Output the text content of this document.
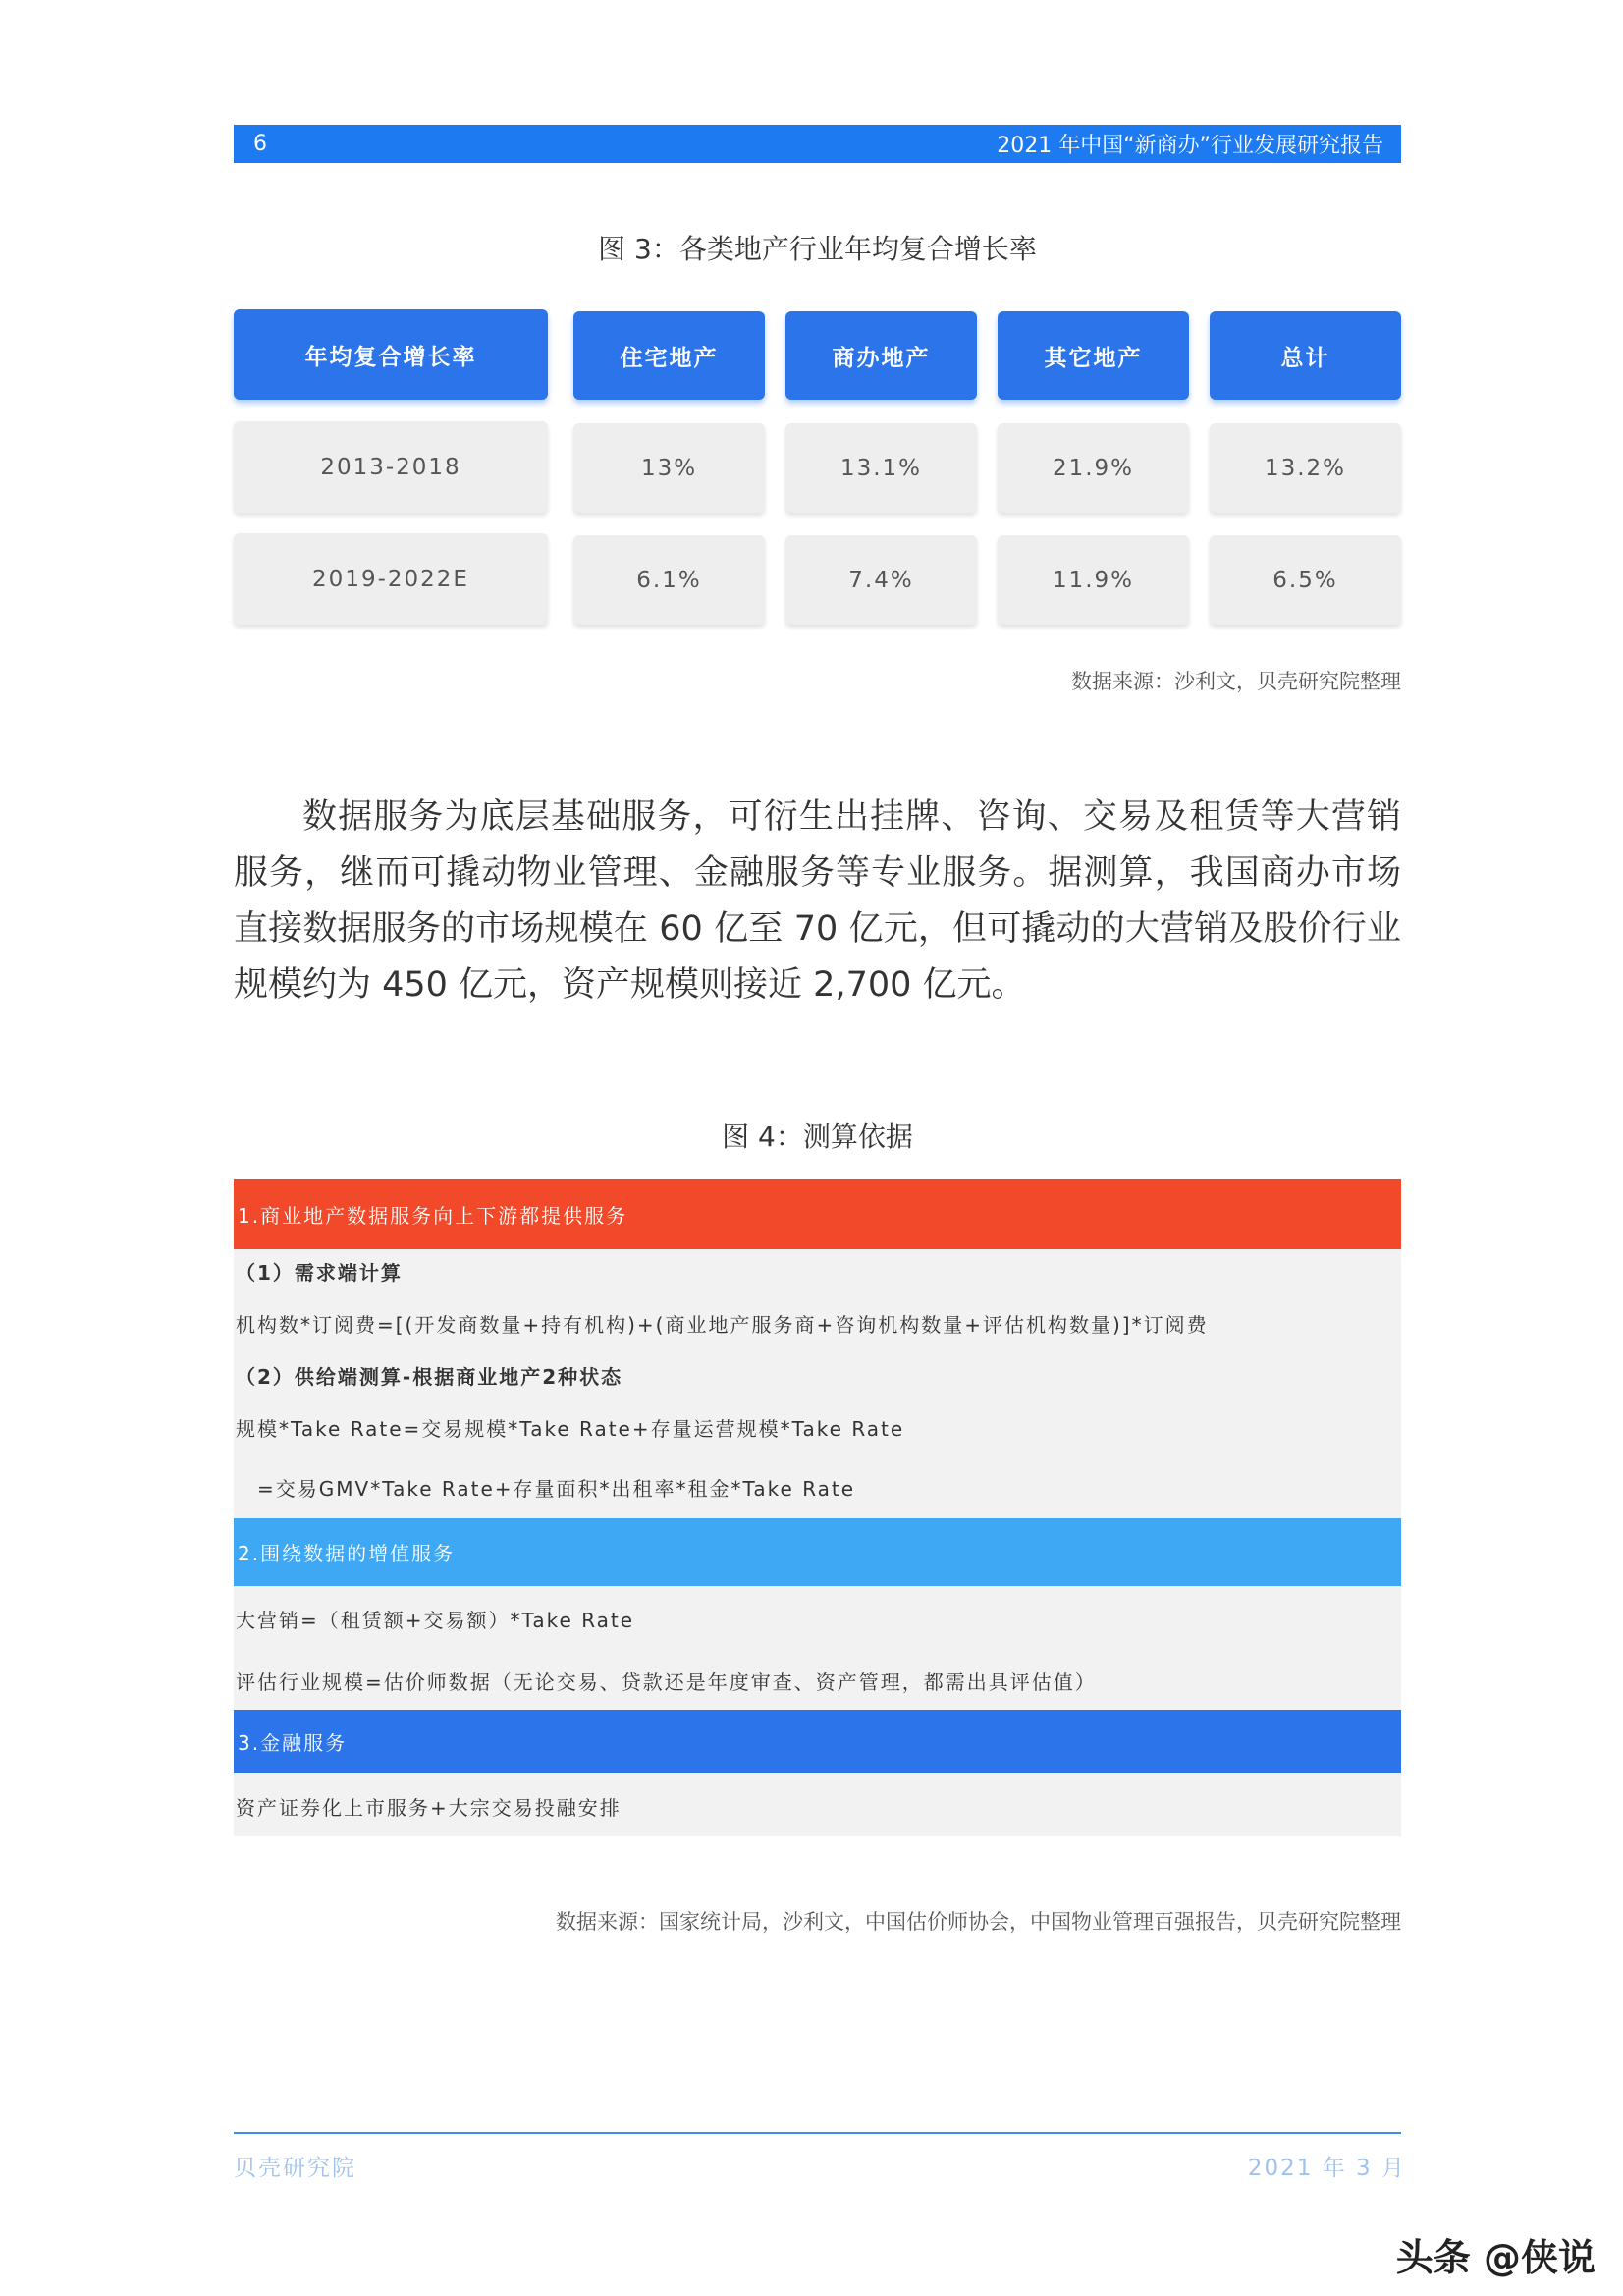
6	2021 年中国“新商办”行业发展研究报告
图 3：各类地产行业年均复合增长率
年均复合增长率	住宅地产	商办地产	其它地产	总计
2013-2018	13%	13.1%	21.9%	13.2%
2019-2022E	6.1%	7.4%	11.9%	6.5%
数据来源：沙利文，贝壳研究院整理

数据服务为底层基础服务，可衍生出挂牌、咨询、交易及租赁等大营销服务，继而可撬动物业管理、金融服务等专业服务。据测算，我国商办市场直接数据服务的市场规模在 60 亿至 70 亿元，但可撬动的大营销及股价行业规模约为 450 亿元，资产规模则接近 2,700 亿元。

图 4：测算依据
1.商业地产数据服务向上下游都提供服务
（1）需求端计算
机构数*订阅费=[(开发商数量+持有机构)+(商业地产服务商+咨询机构数量+评估机构数量)]*订阅费
（2）供给端测算-根据商业地产2种状态
规模*Take Rate=交易规模*Take Rate+存量运营规模*Take Rate
=交易GMV*Take Rate+存量面积*出租率*租金*Take Rate
2.围绕数据的增值服务
大营销=（租赁额+交易额）*Take Rate
评估行业规模=估价师数据（无论交易、贷款还是年度审查、资产管理，都需出具评估值）
3.金融服务
资产证券化上市服务+大宗交易投融安排
数据来源：国家统计局，沙利文，中国估价师协会，中国物业管理百强报告，贝壳研究院整理
贝壳研究院	2021 年 3 月
头条 @侠说
